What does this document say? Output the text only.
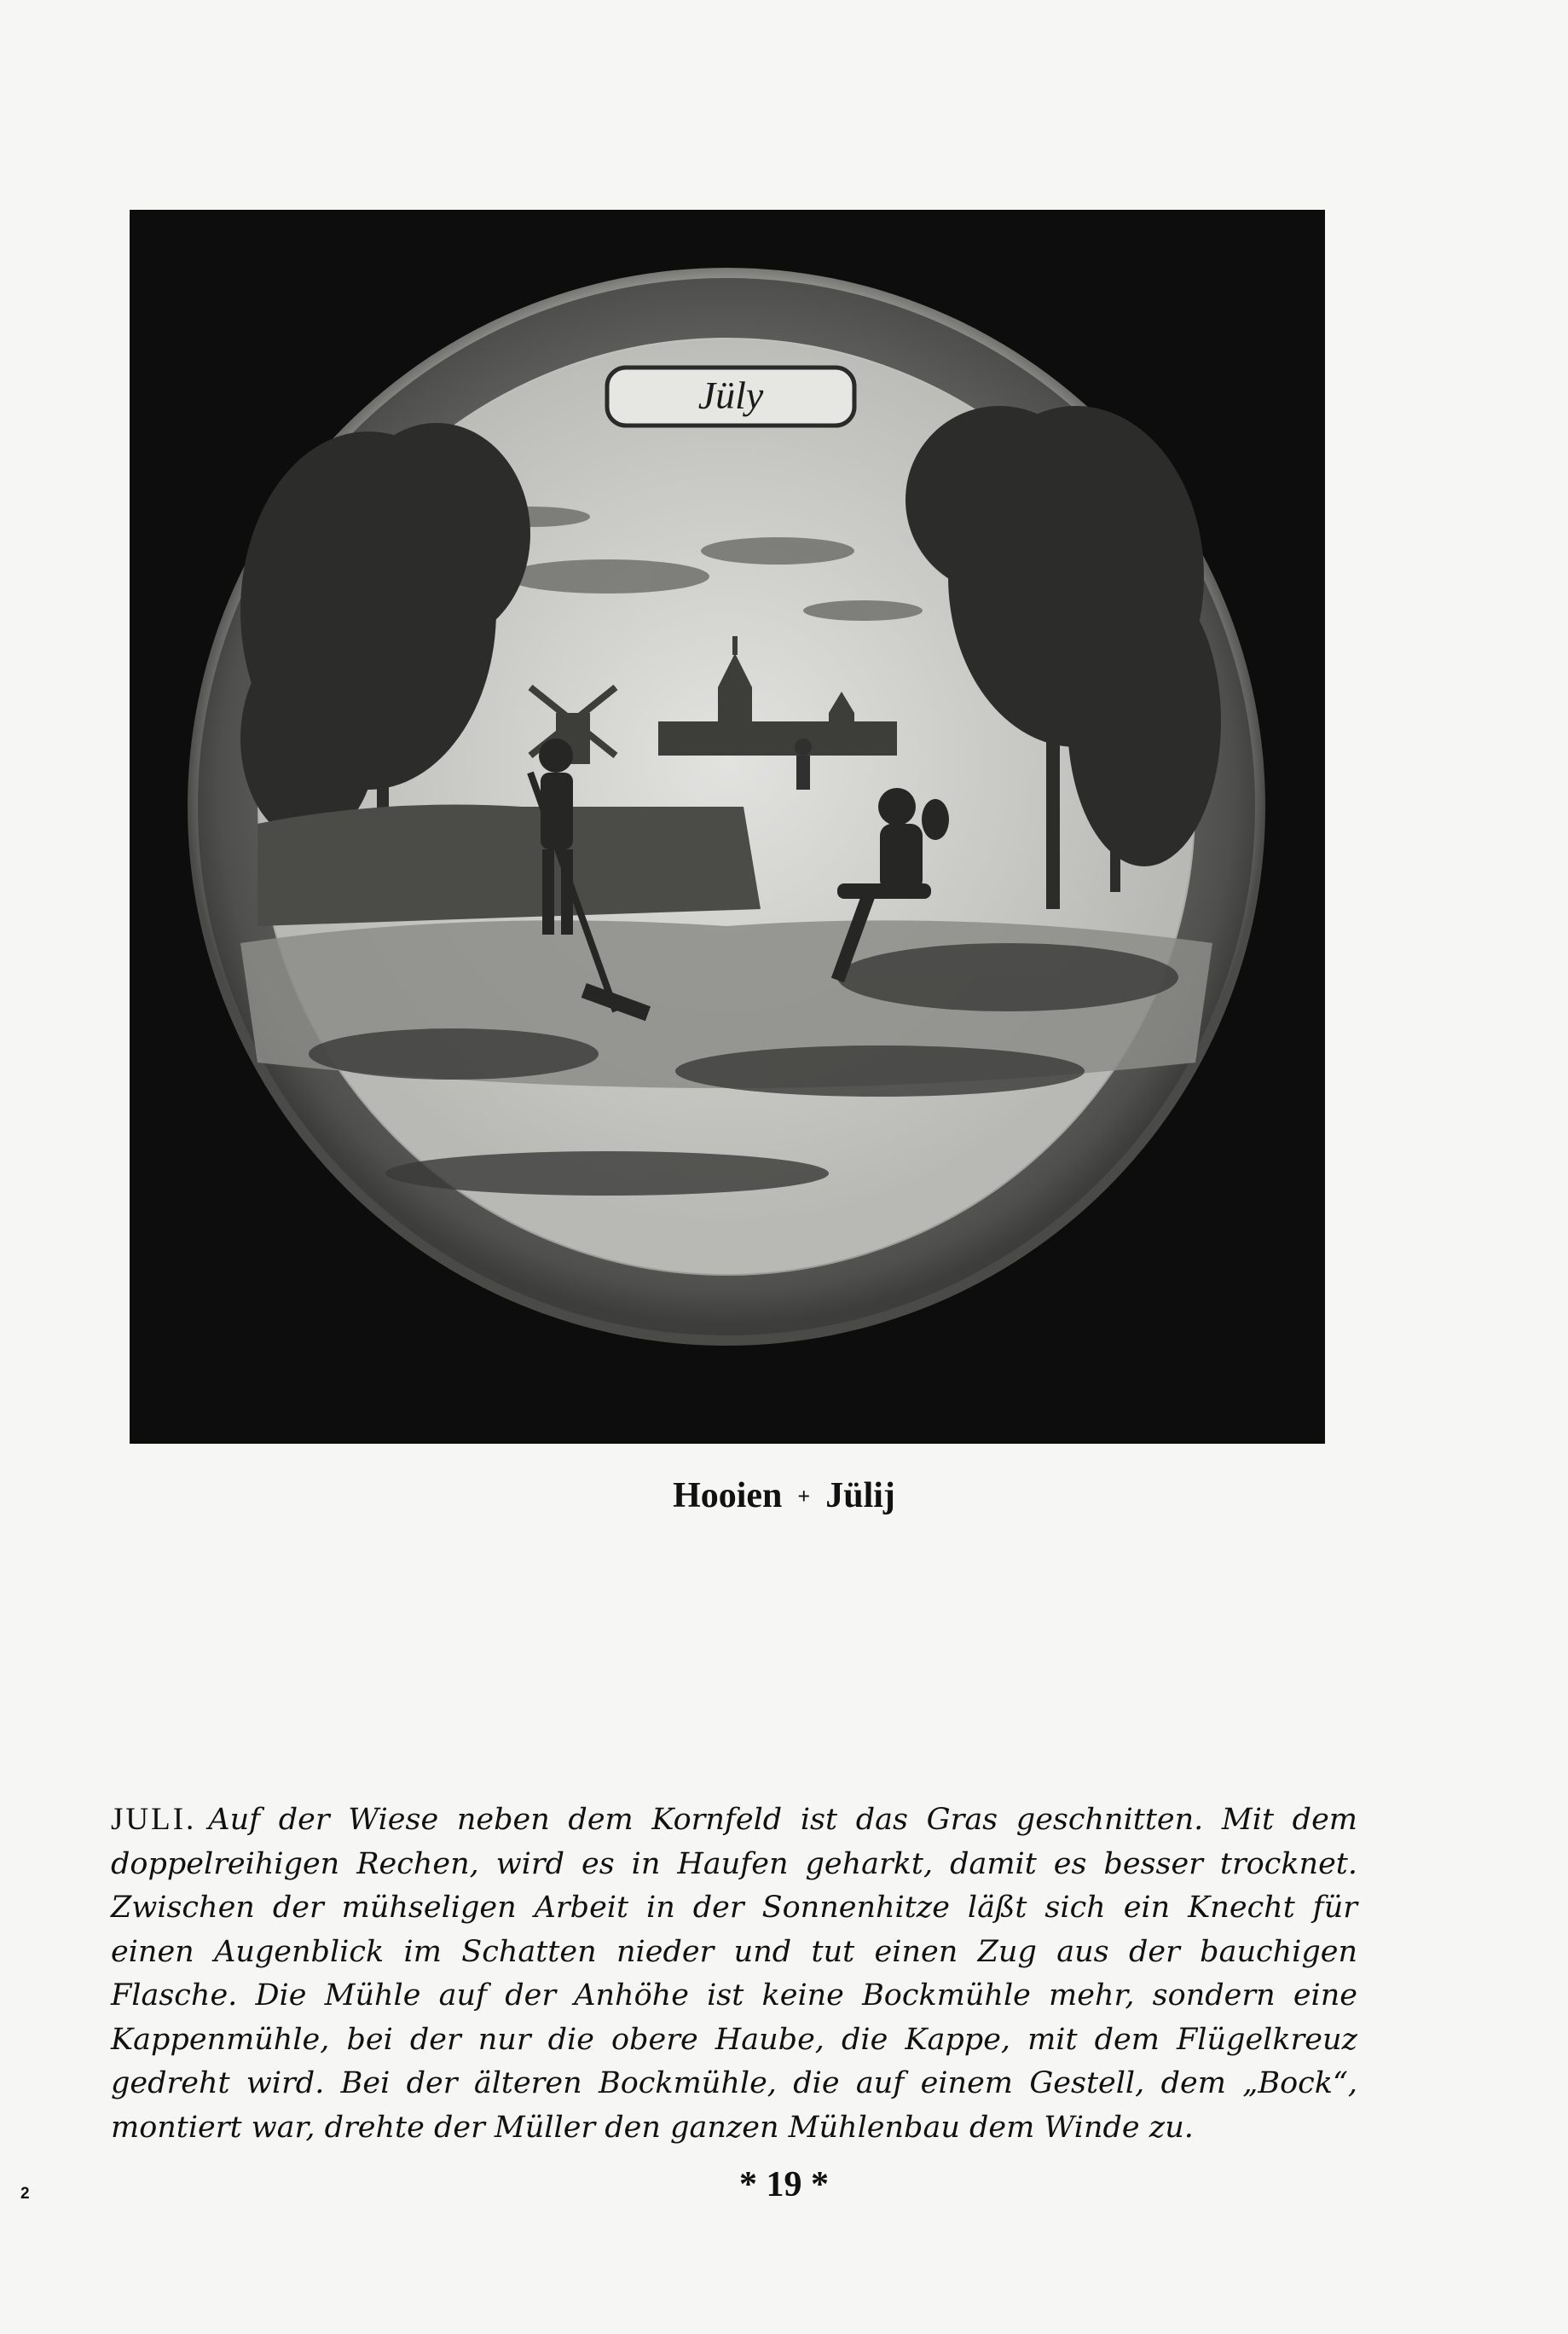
Jüly
Hooien + Jülij
JULI. Auf der Wiese neben dem Kornfeld ist das Gras geschnitten. Mit dem doppelreihigen Rechen, wird es in Haufen geharkt, damit es besser trocknet. Zwischen der mühseligen Arbeit in der Sonnenhitze läßt sich ein Knecht für einen Augenblick im Schatten nieder und tut einen Zug aus der bauchigen Flasche. Die Mühle auf der Anhöhe ist keine Bockmühle mehr, sondern eine Kappenmühle, bei der nur die obere Haube, die Kappe, mit dem Flügelkreuz gedreht wird. Bei der älteren Bockmühle, die auf einem Gestell, dem „Bock“, montiert war, drehte der Müller den ganzen Mühlenbau dem Winde zu.
* 19 *
2
